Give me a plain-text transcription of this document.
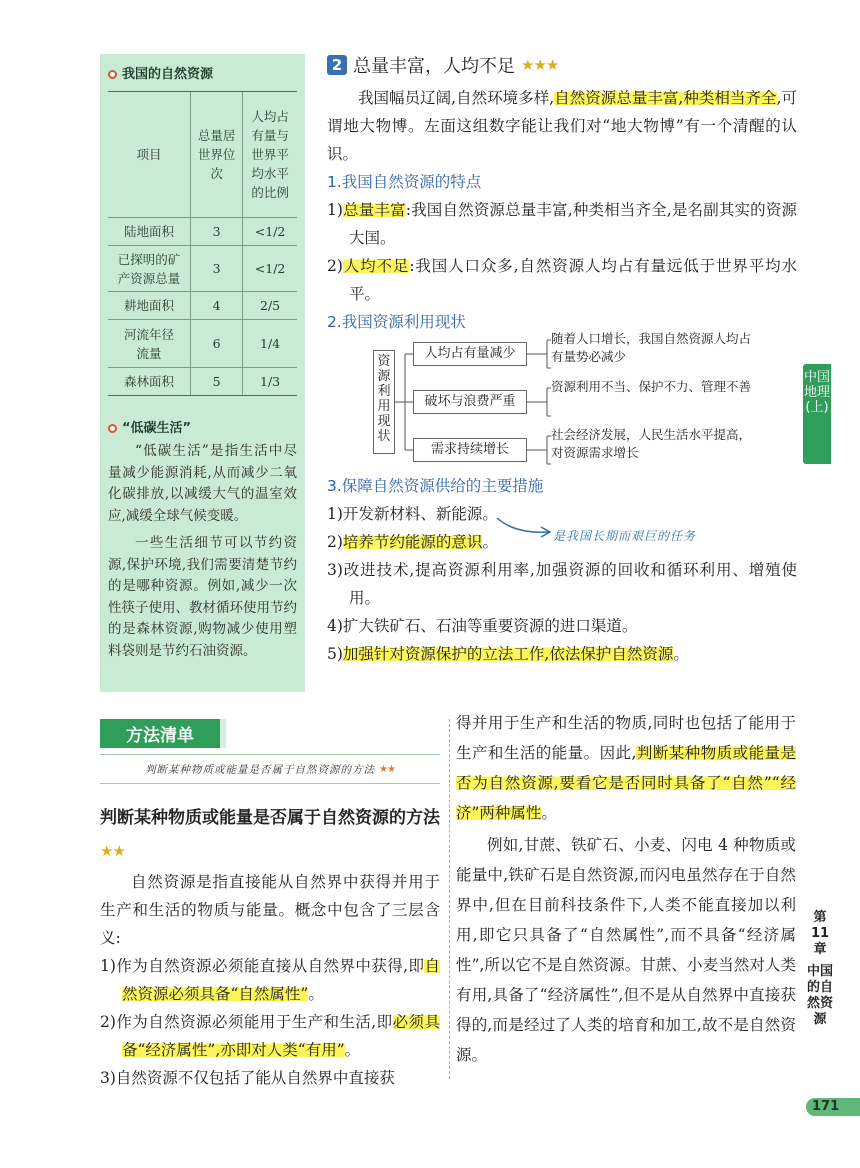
我国的自然资源
项目	总量居世界位次	人均占有量与世界平均水平的比例
陆地面积	3	<1/2
已探明的矿产资源总量	3	<1/2
耕地面积	4	2/5
河流年径流量	6	1/4
森林面积	5	1/3
“低碳生活”

“低碳生活”是指生活中尽量减少能源消耗,从而减少二氧化碳排放,以减缓大气的温室效应,减缓全球气候变暖。

一些生活细节可以节约资源,保护环境,我们需要清楚节约的是哪种资源。例如,减少一次性筷子使用、教材循环使用节约的是森林资源,购物减少使用塑料袋则是节约石油资源。

2 总量丰富，人均不足 ★★★

我国幅员辽阔,自然环境多样,自然资源总量丰富,种类相当齐全,可谓地大物博。左面这组数字能让我们对“地大物博”有一个清醒的认识。

1.我国自然资源的特点

1)总量丰富:我国自然资源总量丰富,种类相当齐全,是名副其实的资源大国。

2)人均不足:我国人口众多,自然资源人均占有量远低于世界平均水平。

2.我国资源利用现状
资源利用现状
人均占有量减少
破坏与浪费严重
需求持续增长
随着人口增长，我国自然资源人均占有量势必减少
资源利用不当、保护不力、管理不善
社会经济发展，人民生活水平提高，对资源需求增长
3.保障自然资源供给的主要措施

1)开发新材料、新能源。

2)培养节约能源的意识。

3)改进技术,提高资源利用率,加强资源的回收和循环利用、增殖使用。

4)扩大铁矿石、石油等重要资源的进口渠道。

5)加强针对资源保护的立法工作,依法保护自然资源。

是我国长期而艰巨的任务
方法清单
判断某种物质或能量是否属于自然资源的方法 ★★
判断某种物质或能量是否属于自然资源的方法 ★★

自然资源是指直接能从自然界中获得并用于生产和生活的物质与能量。概念中包含了三层含义:

1)作为自然资源必须能直接从自然界中获得,即自然资源必须具备“自然属性”。

2)作为自然资源必须能用于生产和生活,即必须具备“经济属性”,亦即对人类“有用”。

3)自然资源不仅包括了能从自然界中直接获

得并用于生产和生活的物质,同时也包括了能用于生产和生活的能量。因此,判断某种物质或能量是否为自然资源,要看它是否同时具备了“自然”“经济”两种属性。

例如,甘蔗、铁矿石、小麦、闪电 4 种物质或能量中,铁矿石是自然资源,而闪电虽然存在于自然界中,但在目前科技条件下,人类不能直接加以利用,即它只具备了“自然属性”,而不具备“经济属性”,所以它不是自然资源。甘蔗、小麦当然对人类有用,具备了“经济属性”,但不是从自然界中直接获得的,而是经过了人类的培育和加工,故不是自然资源。

中国地理(上)
第11章
中国的自然资源
171
